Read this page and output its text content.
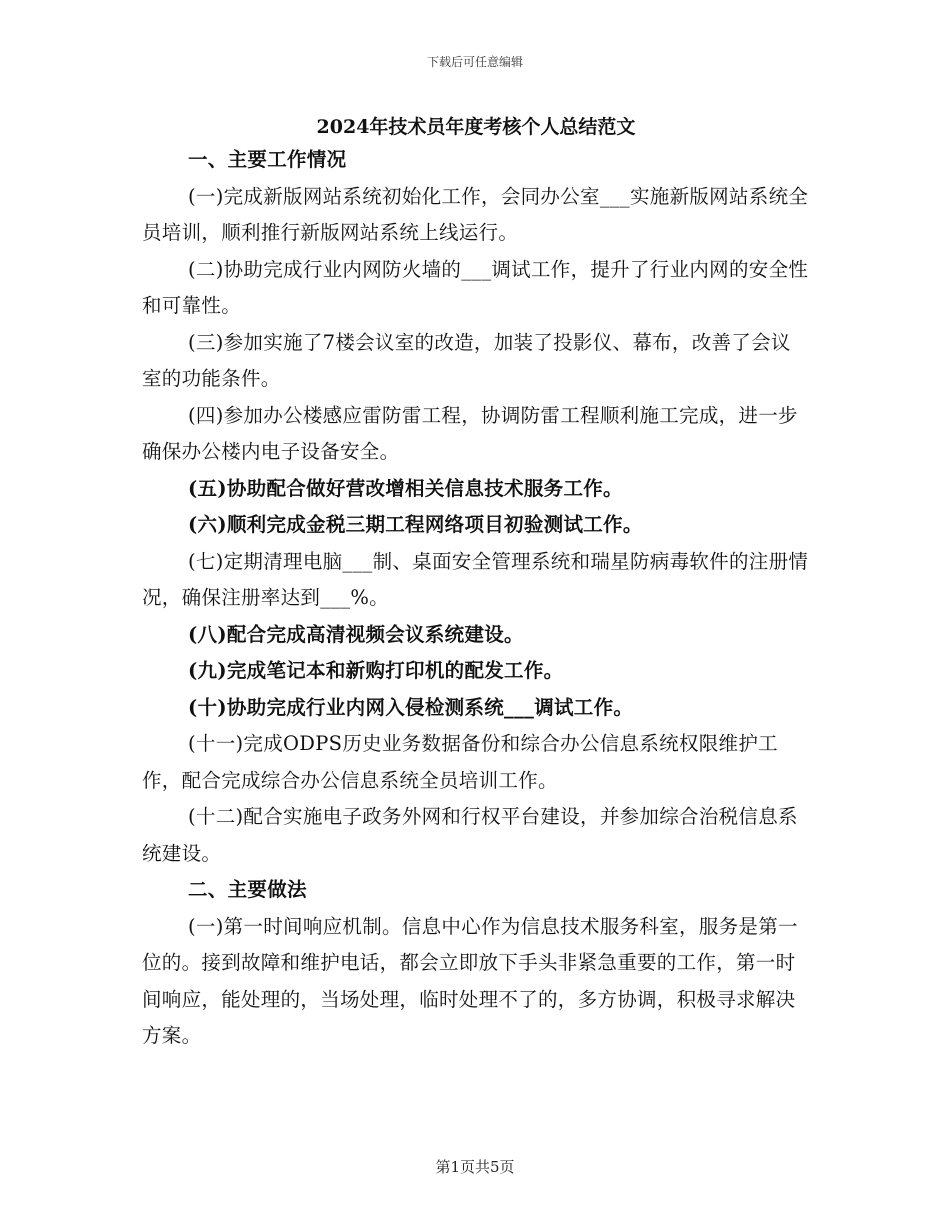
下载后可任意编辑
2024年技术员年度考核个人总结范文
一、主要工作情况
(一)完成新版网站系统初始化工作，会同办公室___实施新版网站系统全员培训，顺利推行新版网站系统上线运行。
(二)协助完成行业内网防火墙的___调试工作，提升了行业内网的安全性和可靠性。
(三)参加实施了7楼会议室的改造，加装了投影仪、幕布，改善了会议室的功能条件。
(四)参加办公楼感应雷防雷工程，协调防雷工程顺利施工完成，进一步确保办公楼内电子设备安全。
(五)协助配合做好营改增相关信息技术服务工作。
(六)顺利完成金税三期工程网络项目初验测试工作。
(七)定期清理电脑___制、桌面安全管理系统和瑞星防病毒软件的注册情况，确保注册率达到___%。
(八)配合完成高清视频会议系统建设。
(九)完成笔记本和新购打印机的配发工作。
(十)协助完成行业内网入侵检测系统___调试工作。
(十一)完成ODPS历史业务数据备份和综合办公信息系统权限维护工作，配合完成综合办公信息系统全员培训工作。
(十二)配合实施电子政务外网和行权平台建设，并参加综合治税信息系统建设。
二、主要做法
(一)第一时间响应机制。信息中心作为信息技术服务科室，服务是第一位的。接到故障和维护电话，都会立即放下手头非紧急重要的工作，第一时间响应，能处理的，当场处理，临时处理不了的，多方协调，积极寻求解决方案。
第1页共5页
